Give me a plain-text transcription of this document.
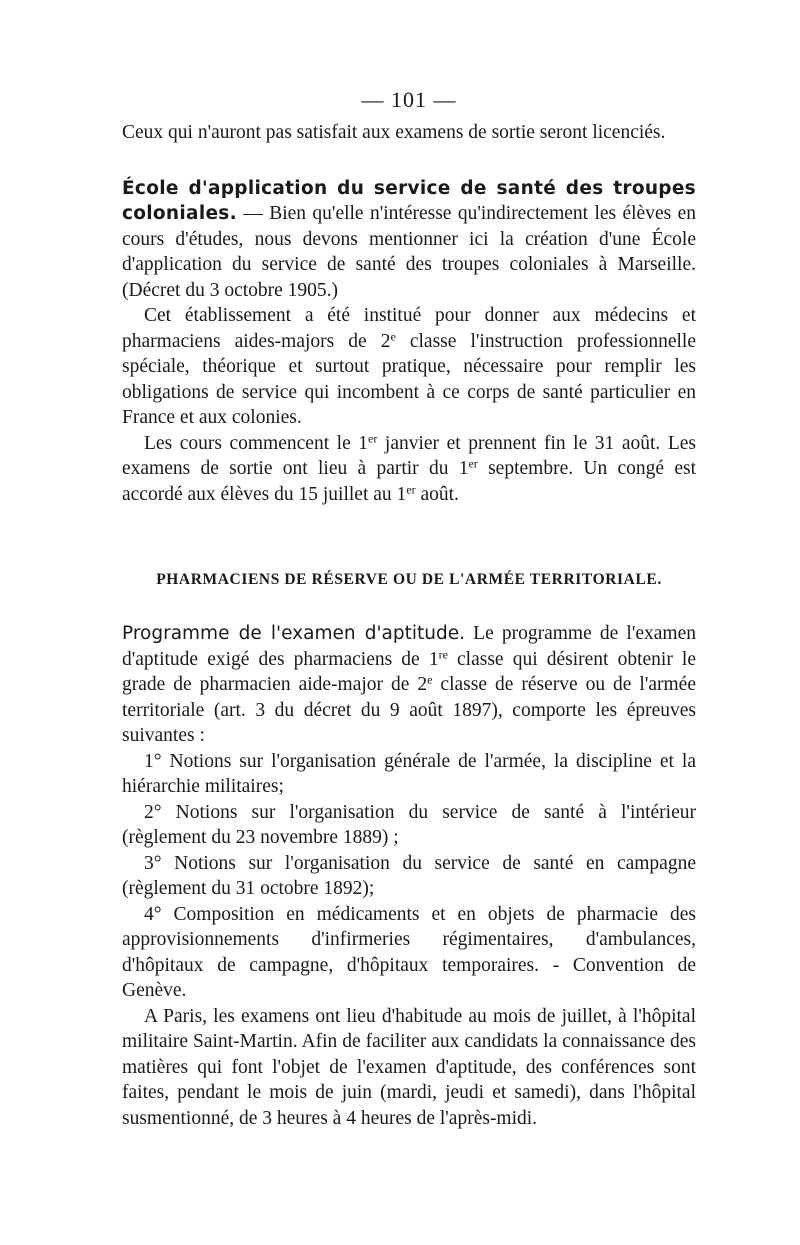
— 101 —

Ceux qui n'auront pas satisfait aux examens de sortie seront licenciés.

École d'application du service de santé des troupes coloniales. — Bien qu'elle n'intéresse qu'indirectement les élèves en cours d'études, nous devons mentionner ici la création d'une École d'application du service de santé des troupes coloniales à Marseille. (Décret du 3 octobre 1905.)

Cet établissement a été institué pour donner aux médecins et pharmaciens aides-majors de 2e classe l'instruction professionnelle spéciale, théorique et surtout pratique, nécessaire pour remplir les obligations de service qui incombent à ce corps de santé particulier en France et aux colonies.

Les cours commencent le 1er janvier et prennent fin le 31 août. Les examens de sortie ont lieu à partir du 1er septembre. Un congé est accordé aux élèves du 15 juillet au 1er août.

PHARMACIENS DE RÉSERVE OU DE L'ARMÉE TERRITORIALE.

Programme de l'examen d'aptitude. Le programme de l'examen d'aptitude exigé des pharmaciens de 1re classe qui désirent obtenir le grade de pharmacien aide-major de 2e classe de réserve ou de l'armée territoriale (art. 3 du décret du 9 août 1897), comporte les épreuves suivantes :

1° Notions sur l'organisation générale de l'armée, la discipline et la hiérarchie militaires;

2° Notions sur l'organisation du service de santé à l'intérieur (règlement du 23 novembre 1889) ;

3° Notions sur l'organisation du service de santé en campagne (règlement du 31 octobre 1892);

4° Composition en médicaments et en objets de pharmacie des approvisionnements d'infirmeries régimentaires, d'ambulances, d'hôpitaux de campagne, d'hôpitaux temporaires. - Convention de Genève.

A Paris, les examens ont lieu d'habitude au mois de juillet, à l'hôpital militaire Saint-Martin. Afin de faciliter aux candidats la connaissance des matières qui font l'objet de l'examen d'aptitude, des conférences sont faites, pendant le mois de juin (mardi, jeudi et samedi), dans l'hôpital susmentionné, de 3 heures à 4 heures de l'après-midi.
